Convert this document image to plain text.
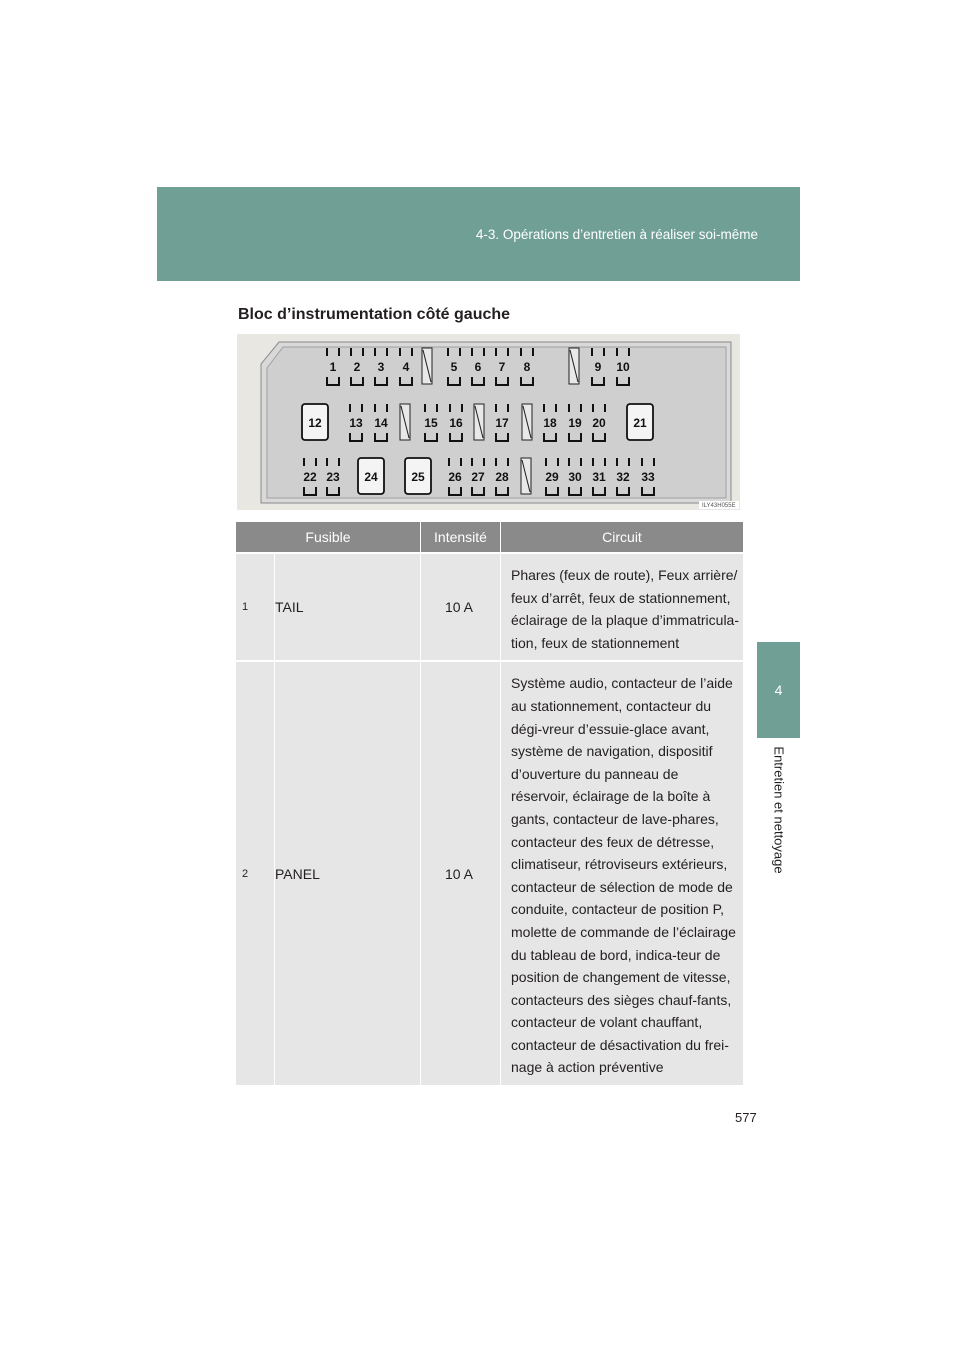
4-3. Opérations d’entretien à réaliser soi-même
4
Entretien et nettoyage
Bloc d’instrumentation côté gauche
1 2 3 4	5 6 7 8	9 10
12 13 14	15 16	17	18 19 20 21
22 23 24	25 26 27 28	29 30 31 32 33
ILY43H055E
Fusible		Intensité	Circuit
1	TAIL	10 A	Phares (feux de route), Feux arrière/ feux d’arrêt, feux de stationnement, éclairage de la plaque d’immatricula-tion, feux de stationnement
2	PANEL	10 A	Système audio, contacteur de l’aide au stationnement, contacteur du dégi-vreur d’essuie-glace avant, système de navigation, dispositif d’ouverture du panneau de réservoir, éclairage de la boîte à gants, contacteur de lave-phares, contacteur des feux de détresse, climatiseur, rétroviseurs extérieurs, contacteur de sélection de mode de conduite, contacteur de position P, molette de commande de l’éclairage du tableau de bord, indica-teur de position de changement de vitesse, contacteurs des sièges chauf-fants, contacteur de volant chauffant, contacteur de désactivation du frei-nage à action préventive
577
